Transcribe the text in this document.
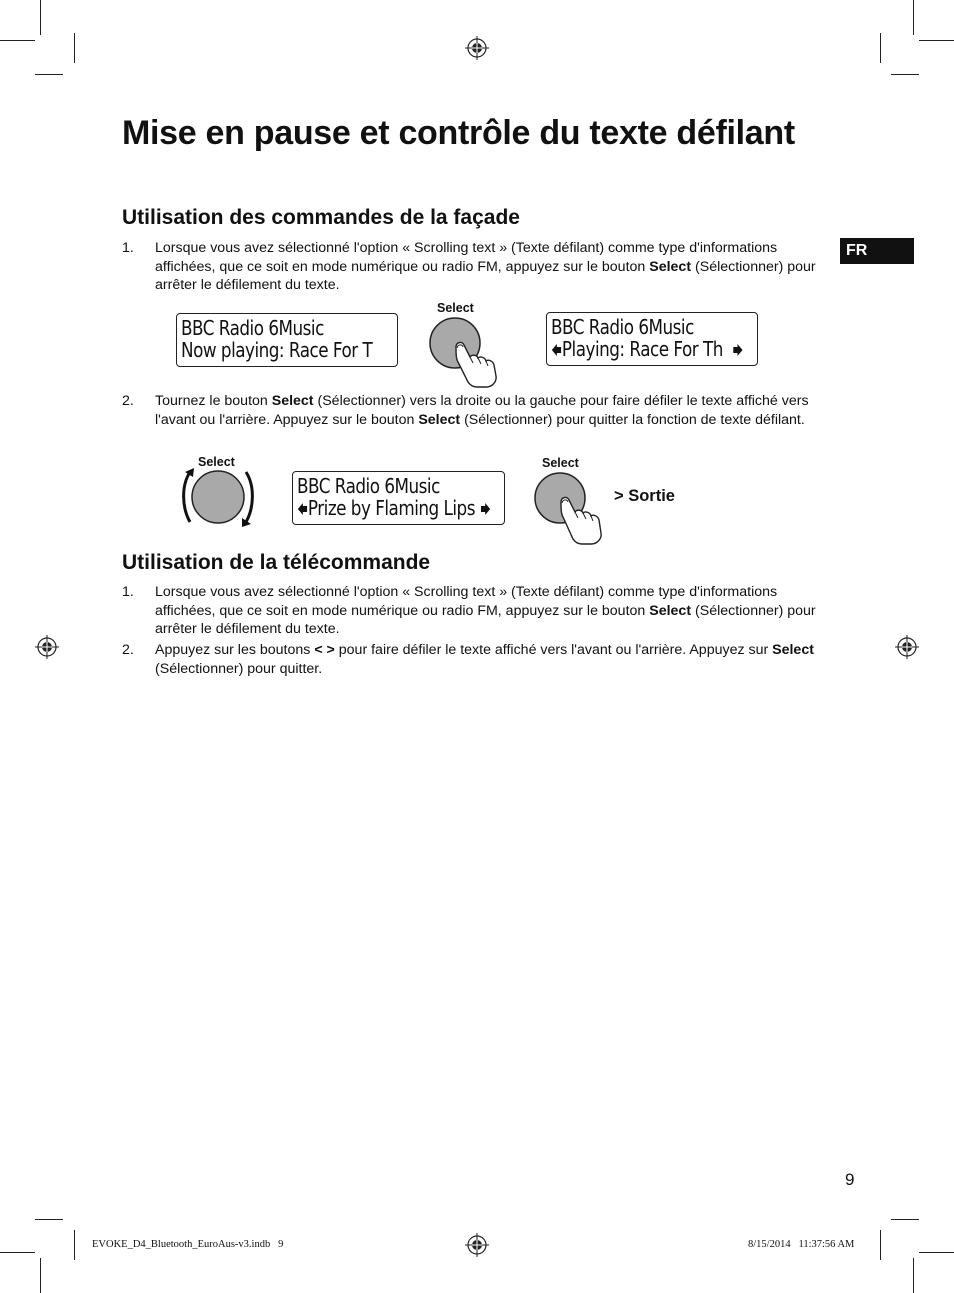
Mise en pause et contrôle du texte défilant
FR
Utilisation des commandes de la façade
1. Lorsque vous avez sélectionné l'option « Scrolling text » (Texte défilant) comme type d'informations affichées, que ce soit en mode numérique ou radio FM, appuyez sur le bouton Select (Sélectionner) pour arrêter le défilement du texte.
BBC Radio 6Music
Now playing: Race For T
Select
BBC Radio 6Music
Playing: Race For Th
2. Tournez le bouton Select (Sélectionner) vers la droite ou la gauche pour faire défiler le texte affiché vers l'avant ou l'arrière. Appuyez sur le bouton Select (Sélectionner) pour quitter la fonction de texte défilant.
Select
BBC Radio 6Music
Prize by Flaming Lips
Select
> Sortie
Utilisation de la télécommande
1. Lorsque vous avez sélectionné l'option « Scrolling text » (Texte défilant) comme type d'informations affichées, que ce soit en mode numérique ou radio FM, appuyez sur le bouton Select (Sélectionner) pour arrêter le défilement du texte.
2. Appuyez sur les boutons < > pour faire défiler le texte affiché vers l'avant ou l'arrière. Appuyez sur Select (Sélectionner) pour quitter.
9
EVOKE_D4_Bluetooth_EuroAus-v3.indb   9	8/15/2014   11:37:56 AM
